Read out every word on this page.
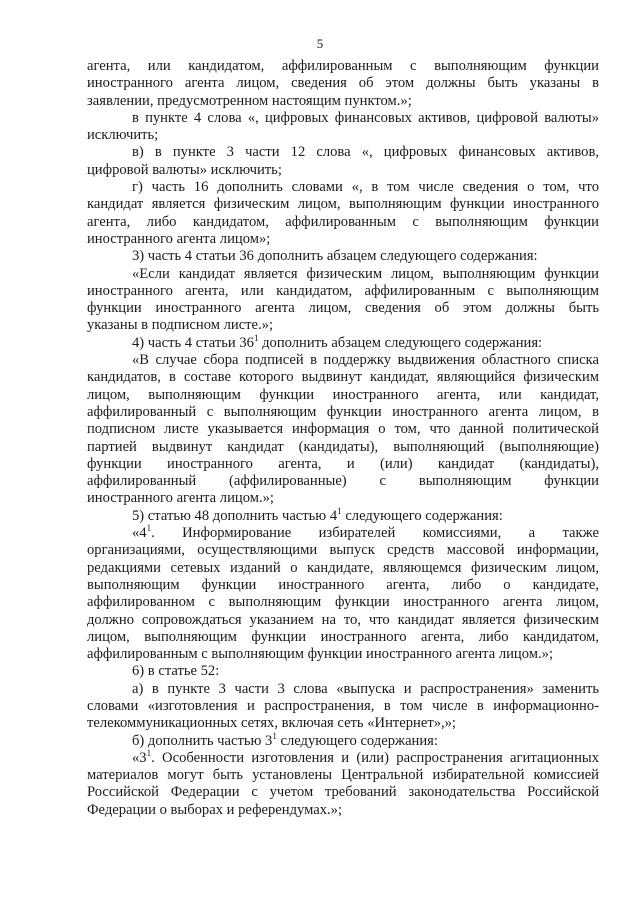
5
агента, или кандидатом, аффилированным с выполняющим функции
иностранного агента лицом, сведения об этом должны быть указаны в
заявлении, предусмотренном настоящим пунктом.»;
в пункте 4 слова «, цифровых финансовых активов, цифровой валюты»
исключить;
в) в пункте 3 части 12 слова «, цифровых финансовых активов,
цифровой валюты» исключить;
г) часть 16 дополнить словами «, в том числе сведения о том, что
кандидат является физическим лицом, выполняющим функции иностранного
агента, либо кандидатом, аффилированным с выполняющим функции
иностранного агента лицом»;
3) часть 4 статьи 36 дополнить абзацем следующего содержания:
«Если кандидат является физическим лицом, выполняющим функции
иностранного агента, или кандидатом, аффилированным с выполняющим
функции иностранного агента лицом, сведения об этом должны быть
указаны в подписном листе.»;
4) часть 4 статьи $36^1$ дополнить абзацем следующего содержания:
«В случае сбора подписей в поддержку выдвижения областного списка
кандидатов, в составе которого выдвинут кандидат, являющийся физическим
лицом, выполняющим функции иностранного агента, или кандидат,
аффилированный с выполняющим функции иностранного агента лицом, в
подписном листе указывается информация о том, что данной политической
партией выдвинут кандидат (кандидаты), выполняющий (выполняющие)
функции иностранного агента, и (или) кандидат (кандидаты),
аффилированный (аффилированные) с выполняющим функции
иностранного агента лицом.»;
5) статью 48 дополнить частью $4^1$ следующего содержания:
«$4^1$. Информирование избирателей комиссиями, а также
организациями, осуществляющими выпуск средств массовой информации,
редакциями сетевых изданий о кандидате, являющемся физическим лицом,
выполняющим функции иностранного агента, либо о кандидате,
аффилированном с выполняющим функции иностранного агента лицом,
должно сопровождаться указанием на то, что кандидат является физическим
лицом, выполняющим функции иностранного агента, либо кандидатом,
аффилированным с выполняющим функции иностранного агента лицом.»;
6) в статье 52:
а) в пункте 3 части 3 слова «выпуска и распространения» заменить
словами «изготовления и распространения, в том числе в информационно-
телекоммуникационных сетях, включая сеть «Интернет»,»;
б) дополнить частью $3^1$ следующего содержания:
«$3^1$. Особенности изготовления и (или) распространения агитационных
материалов могут быть установлены Центральной избирательной комиссией
Российской Федерации с учетом требований законодательства Российской
Федерации о выборах и референдумах.»;
